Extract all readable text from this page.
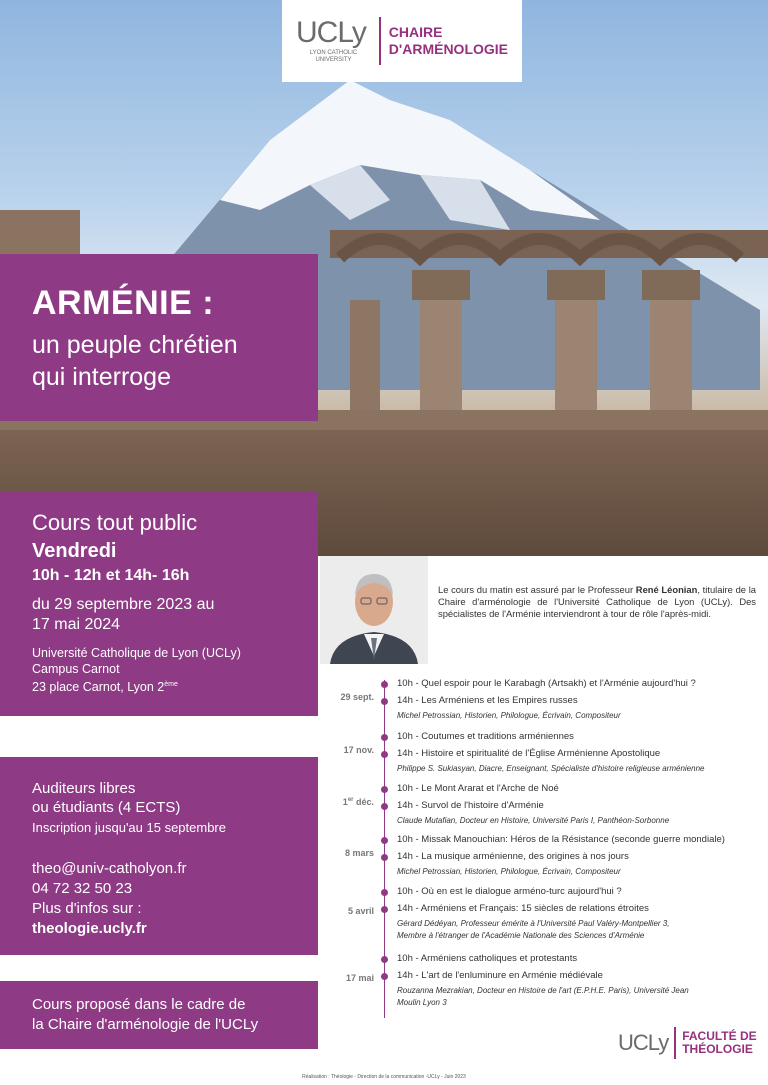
UCLy
LYON CATHOLIC UNIVERSITY
CHAIRE
D'ARMÉNOLOGIE
ARMÉNIE :
un peuple chrétien
qui interroge
Cours tout public
Vendredi
10h - 12h et 14h- 16h
du 29 septembre 2023 au
17 mai 2024
Université Catholique de Lyon (UCLy)
Campus Carnot
23 place Carnot, Lyon 2ème
Auditeurs libres
ou étudiants (4 ECTS)
Inscription jusqu'au 15 septembre
theo@univ-catholyon.fr
04 72 32 50 23
Plus d'infos sur :
theologie.ucly.fr
Cours proposé dans le cadre de
la Chaire d'arménologie de l'UCLy
Le cours du matin est assuré par le Professeur René Léonian, titulaire de la Chaire d'arménologie de l'Université Catholique de Lyon (UCLy). Des spécialistes de l'Arménie interviendront à tour de rôle l'après-midi.
29 sept.
10h - Quel espoir pour le Karabagh (Artsakh) et l'Arménie aujourd'hui ?
14h - Les Arméniens et les Empires russes
Michel Petrossian, Historien, Philologue, Écrivain, Compositeur
17 nov.
10h - Coutumes et traditions arméniennes
14h - Histoire et spiritualité de l'Église Arménienne Apostolique
Philippe S. Sukiasyan, Diacre, Enseignant, Spécialiste d'histoire religieuse arménienne
1er déc.
10h - Le Mont Ararat et l'Arche de Noé
14h - Survol de l'histoire d'Arménie
Claude Mutafian, Docteur en Histoire, Université Paris I, Panthéon-Sorbonne
8 mars
10h - Missak Manouchian: Héros de la Résistance (seconde guerre mondiale)
14h - La musique arménienne, des origines à nos jours
Michel Petrossian, Historien, Philologue, Écrivain, Compositeur
5 avril
10h - Où en est le dialogue arméno-turc aujourd'hui ?
14h - Arméniens et Français: 15 siècles de relations étroites
Gérard Dédéyan, Professeur émérite à l'Université Paul Valéry-Montpellier 3,
Membre à l'étranger de l'Académie Nationale des Sciences d'Arménie
17 mai
10h - Arméniens catholiques et protestants
14h - L'art de l'enluminure en Arménie médiévale
Rouzanna Mezrakian, Docteur en Histoire de l'art (E.P.H.E. Paris), Université Jean
Moulin Lyon 3
UCLy FACULTÉ DE
THÉOLOGIE
Réalisation : Théologie - Direction de la communication -UCLy - Juin 2023
